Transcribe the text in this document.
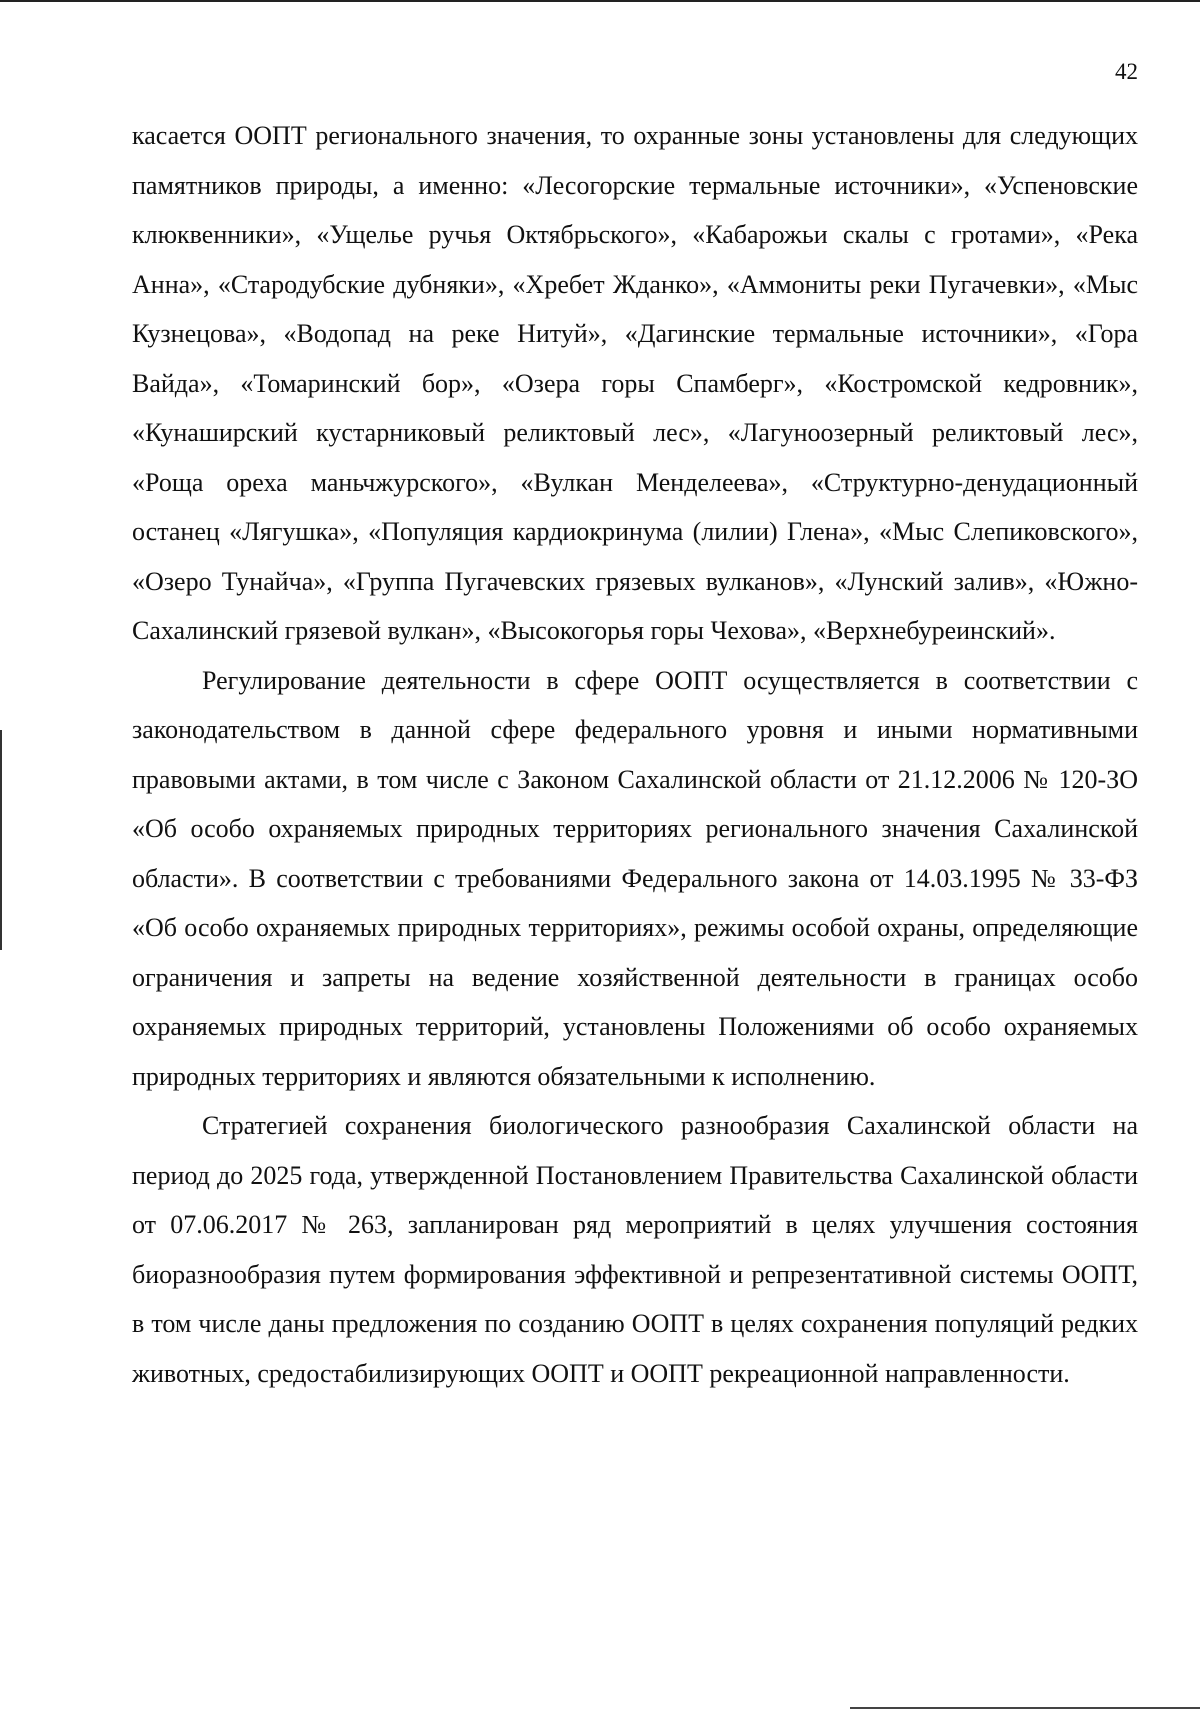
42

касается ООПТ регионального значения, то охранные зоны установлены для следующих памятников природы, а именно: «Лесогорские термальные источники», «Успеновские клюквенники», «Ущелье ручья Октябрьского», «Кабарожьи скалы с гротами», «Река Анна», «Стародубские дубняки», «Хребет Жданко», «Аммониты реки Пугачевки», «Мыс Кузнецова», «Водопад на реке Нитуй», «Дагинские термальные источники», «Гора Вайда», «Томаринский бор», «Озера горы Спамберг», «Костромской кедровник», «Кунаширский кустарниковый реликтовый лес», «Лагуноозерный реликтовый лес», «Роща ореха маньчжурского», «Вулкан Менделеева», «Структурно-денудационный останец «Лягушка», «Популяция кардиокринума (лилии) Глена», «Мыс Слепиковского», «Озеро Тунайча», «Группа Пугачевских грязевых вулканов», «Лунский залив», «Южно-Сахалинский грязевой вулкан», «Высокогорья горы Чехова», «Верхнебуреинский».

Регулирование деятельности в сфере ООПТ осуществляется в соответствии с законодательством в данной сфере федерального уровня и иными нормативными правовыми актами, в том числе с Законом Сахалинской области от 21.12.2006 № 120-ЗО «Об особо охраняемых природных территориях регионального значения Сахалинской области». В соответствии с требованиями Федерального закона от 14.03.1995 № 33-ФЗ «Об особо охраняемых природных территориях», режимы особой охраны, определяющие ограничения и запреты на ведение хозяйственной деятельности в границах особо охраняемых природных территорий, установлены Положениями об особо охраняемых природных территориях и являются обязательными к исполнению.

Стратегией сохранения биологического разнообразия Сахалинской области на период до 2025 года, утвержденной Постановлением Правительства Сахалинской области от 07.06.2017 № 263, запланирован ряд мероприятий в целях улучшения состояния биоразнообразия путем формирования эффективной и репрезентативной системы ООПТ, в том числе даны предложения по созданию ООПТ в целях сохранения популяций редких животных, средостабилизирующих ООПТ и ООПТ рекреационной направленности.
